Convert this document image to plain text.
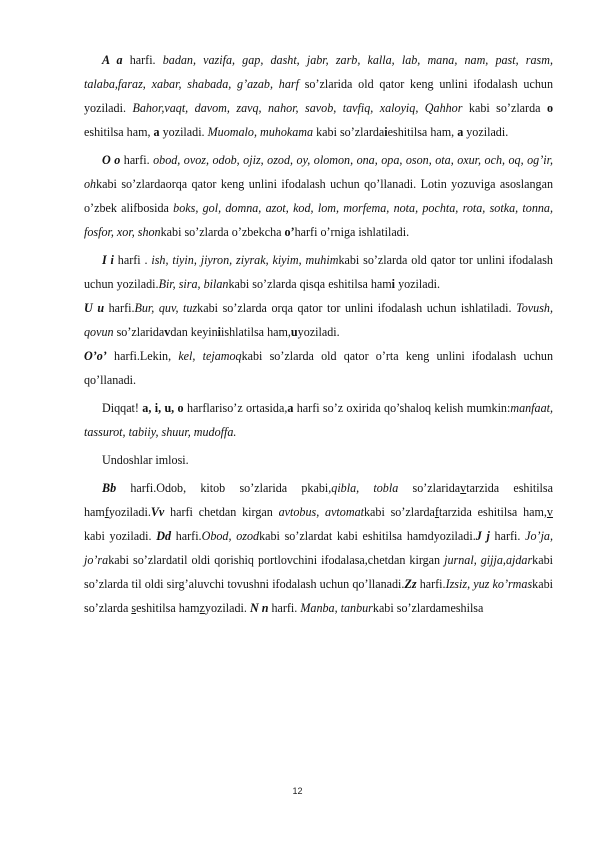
A a harfi. badan, vazifa, gap, dasht, jabr, zarb, kalla, lab, mana, nam, past, rasm, talaba,faraz, xabar, shabada, g’azab, harf so’zlarida old qator keng unlini ifodalash uchun yoziladi. Bahor,vaqt, davom, zavq, nahor, savob, tavfiq, xaloyiq, Qahhor kabi so’zlarda o eshitilsa ham, a yoziladi. Muomalo, muhokama kabi so’zlardaieshitilsa ham, a yoziladi.

O o harfi. obod, ovoz, odob, ojiz, ozod, oy, olomon, ona, opa, oson, ota, oxur, och, oq, og’ir, ohkabi so’zlardaorqa qator keng unlini ifodalash uchun qo’llanadi. Lotin yozuviga asoslangan o’zbek alifbosida boks, gol, domna, azot, kod, lom, morfema, nota, pochta, rota, sotka, tonna, fosfor, xor, shonkabi so’zlarda o’zbekcha o’harfi o’rniga ishlatiladi.

I i harfi . ish, tiyin, jiyron, ziyrak, kiyim, muhimkabi so’zlarda old qator tor unlini ifodalash uchun yoziladi.Bir, sira, bilankabi so’zlarda qisqa eshitilsa hami yoziladi.

U u harfi.Bur, quv, tuzkabi so’zlarda orqa qator tor unlini ifodalash uchun ishlatiladi. Tovush, qovun so’zlaridavdan keyiniishlatilsa ham,uyoziladi.

O’o’ harfi.Lekin, kel, tejamoqkabi so’zlarda old qator o’rta keng unlini ifodalash uchun qo’llanadi.

Diqqat! a, i, u, o harflariso’z ortasida,a harfi so’z oxirida qo’shaloq kelish mumkin:manfaat, tassurot, tabiiy, shuur, mudoffa.

Undoshlar imlosi.

Bb harfi.Odob, kitob so’zlarida pkabi,qibla, tobla so’zlaridavtarzida eshitilsa hamfyoziladi.Vv harfi chetdan kirgan avtobus, avtomatkabi so’zlardaftarzida eshitilsa ham,v kabi yoziladi. Dd harfi.Obod, ozodkabi so’zlardat kabi eshitilsa hamdyoziladi.J j harfi. Jo’ja, jo’rakabi so’zlardatil oldi qorishiq portlovchini ifodalasa,chetdan kirgan jurnal, gijja,ajdarkabi so’zlarda til oldi sirg’aluvchi tovushni ifodalash uchun qo’llanadi.Zz harfi.Izsiz, yuz ko’rmaskabi so’zlarda seshitilsa hamzyoziladi. N n harfi. Manba, tanburkabi so’zlardameshilsa

12
